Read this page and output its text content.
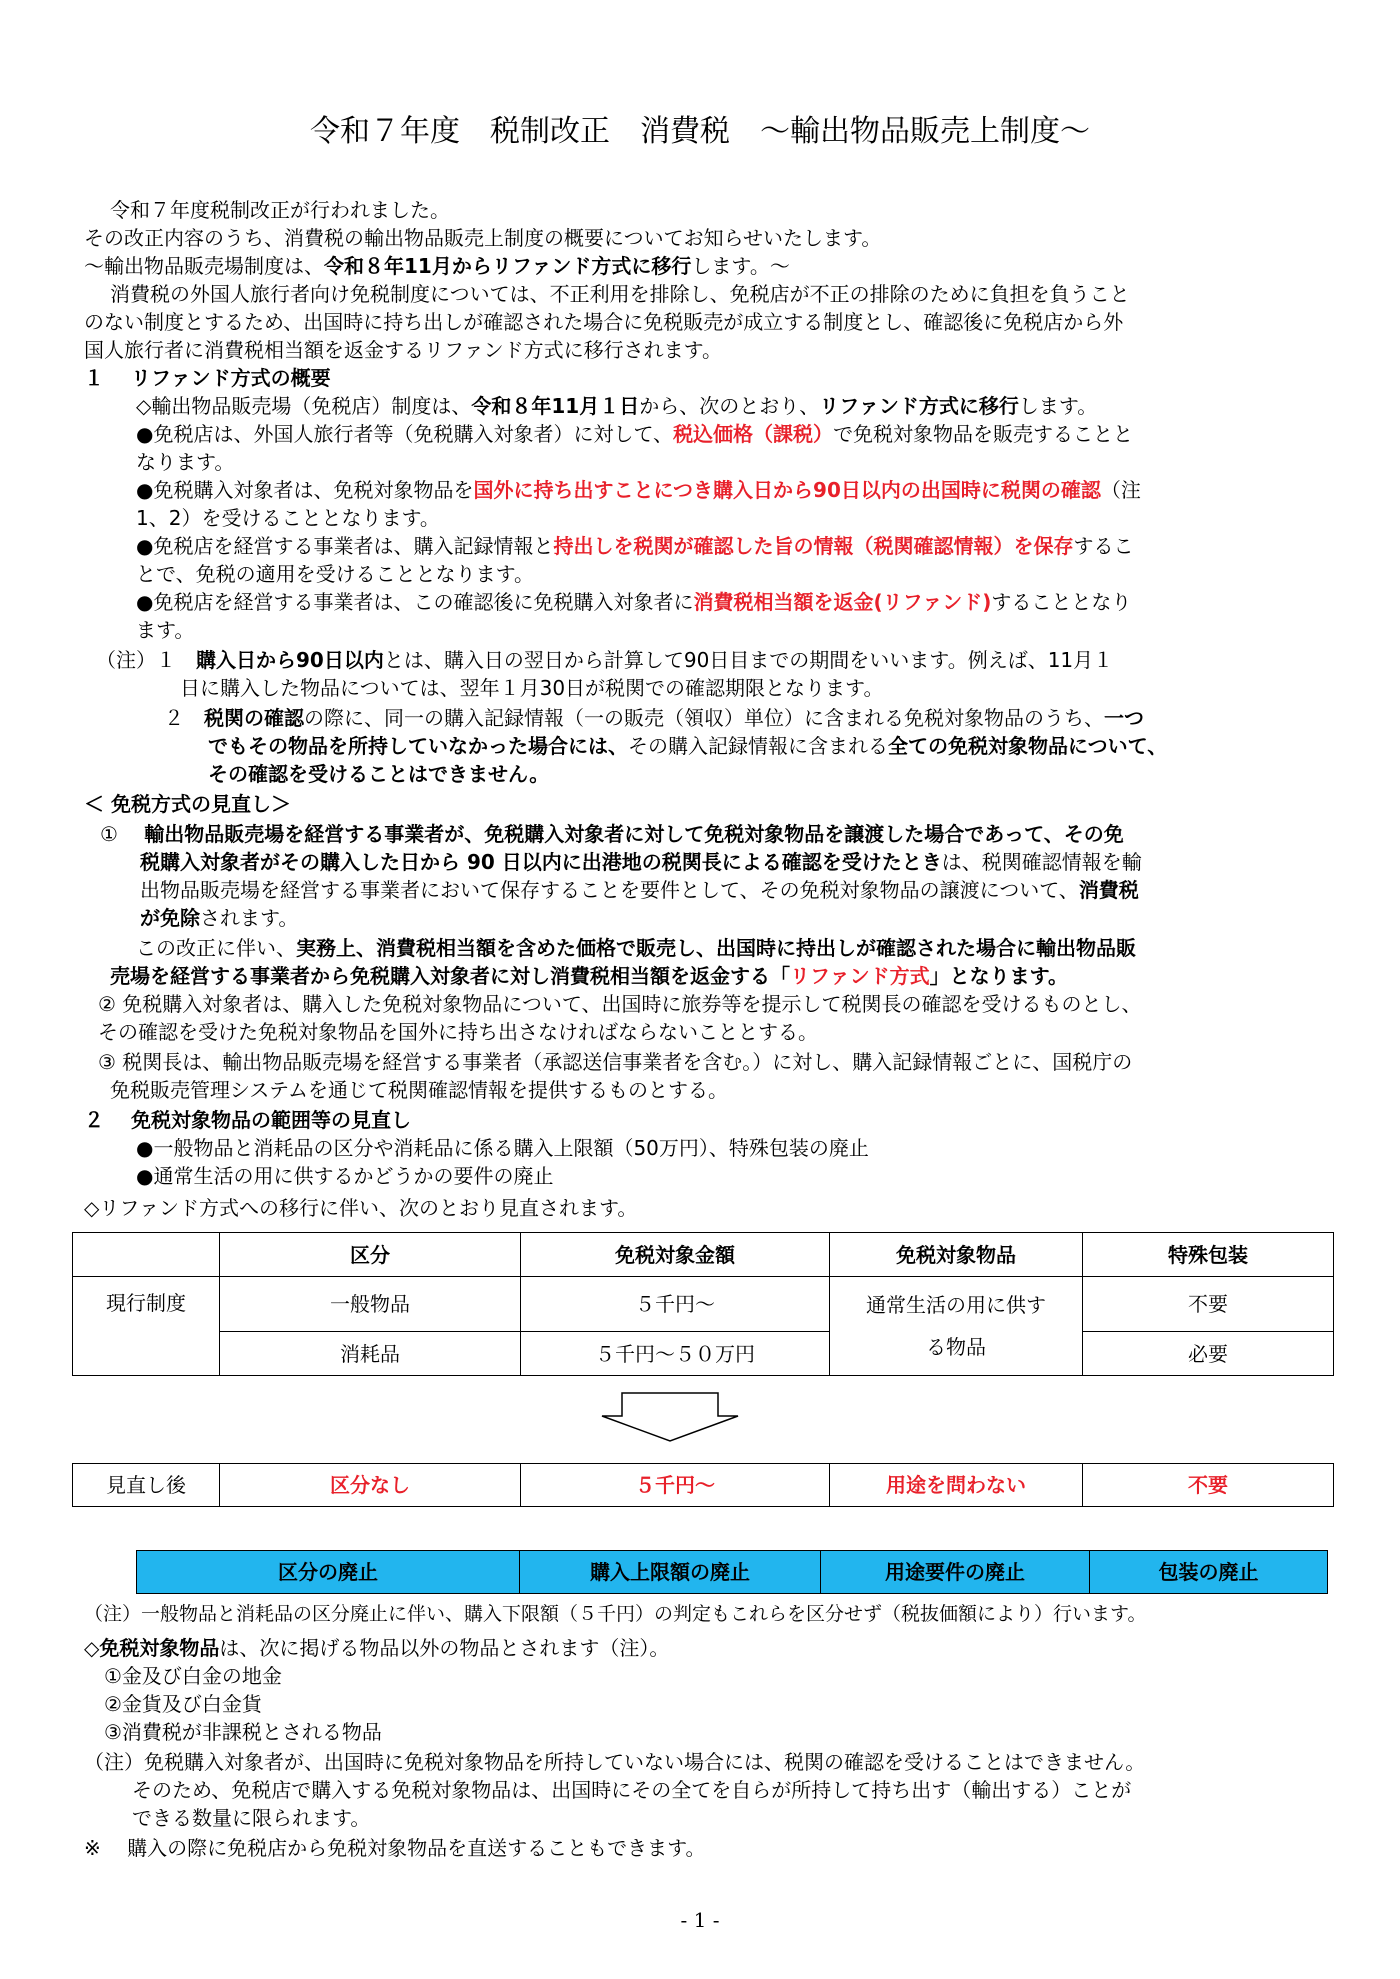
令和７年度　税制改正　消費税　～輸出物品販売上制度～
令和７年度税制改正が行われました。
その改正内容のうち、消費税の輸出物品販売上制度の概要についてお知らせいたします。
～輸出物品販売場制度は、令和８年11月からリファンド方式に移行します。～
消費税の外国人旅行者向け免税制度については、不正利用を排除し、免税店が不正の排除のために負担を負うこと
のない制度とするため、出国時に持ち出しが確認された場合に免税販売が成立する制度とし、確認後に免税店から外
国人旅行者に消費税相当額を返金するリファンド方式に移行されます。
１　 リファンド方式の概要
◇輸出物品販売場（免税店）制度は、令和８年11月１日から、次のとおり、リファンド方式に移行します。
●免税店は、外国人旅行者等（免税購入対象者）に対して、税込価格（課税）で免税対象物品を販売することと
なります。
●免税購入対象者は、免税対象物品を国外に持ち出すことにつき購入日から90日以内の出国時に税関の確認（注
1、2）を受けることとなります。
●免税店を経営する事業者は、購入記録情報と持出しを税関が確認した旨の情報（税関確認情報）を保存するこ
とで、免税の適用を受けることとなります。
●免税店を経営する事業者は、この確認後に免税購入対象者に消費税相当額を返金(リファンド)することとなり
ます。
（注）１　購入日から90日以内とは、購入日の翌日から計算して90日目までの期間をいいます。例えば、11月１
日に購入した物品については、翌年１月30日が税関での確認期限となります。
２　税関の確認の際に、同一の購入記録情報（一の販売（領収）単位）に含まれる免税対象物品のうち、一つ
でもその物品を所持していなかった場合には、その購入記録情報に含まれる全ての免税対象物品について、
その確認を受けることはできません。
＜ 免税方式の見直し＞
①　 輸出物品販売場を経営する事業者が、免税購入対象者に対して免税対象物品を譲渡した場合であって、その免
税購入対象者がその購入した日から 90 日以内に出港地の税関長による確認を受けたときは、税関確認情報を輸
出物品販売場を経営する事業者において保存することを要件として、その免税対象物品の譲渡について、消費税
が免除されます。
この改正に伴い、実務上、消費税相当額を含めた価格で販売し、出国時に持出しが確認された場合に輸出物品販
売場を経営する事業者から免税購入対象者に対し消費税相当額を返金する「リファンド方式」となります。
② 免税購入対象者は、購入した免税対象物品について、出国時に旅券等を提示して税関長の確認を受けるものとし、
その確認を受けた免税対象物品を国外に持ち出さなければならないこととする。
③ 税関長は、輸出物品販売場を経営する事業者（承認送信事業者を含む。）に対し、購入記録情報ごとに、国税庁の
免税販売管理システムを通じて税関確認情報を提供するものとする。
２　 免税対象物品の範囲等の見直し
●一般物品と消耗品の区分や消耗品に係る購入上限額（50万円）、特殊包装の廃止
●通常生活の用に供するかどうかの要件の廃止
◇リファンド方式への移行に伴い、次のとおり見直されます。
	区分	免税対象金額	免税対象物品	特殊包装
現行制度	一般物品	５千円～	通常生活の用に供す
る物品	不要
	消耗品	５千円～５０万円		必要
見直し後	区分なし	５千円～	用途を問わない	不要
区分の廃止	購入上限額の廃止	用途要件の廃止	包装の廃止
（注）一般物品と消耗品の区分廃止に伴い、購入下限額（５千円）の判定もこれらを区分せず（税抜価額により）行います。
◇免税対象物品は、次に掲げる物品以外の物品とされます（注）。
①金及び白金の地金
②金貨及び白金貨
③消費税が非課税とされる物品
（注）免税購入対象者が、出国時に免税対象物品を所持していない場合には、税関の確認を受けることはできません。
そのため、免税店で購入する免税対象物品は、出国時にその全てを自らが所持して持ち出す（輸出する）ことが
できる数量に限られます。
※　 購入の際に免税店から免税対象物品を直送することもできます。
- 1 -
